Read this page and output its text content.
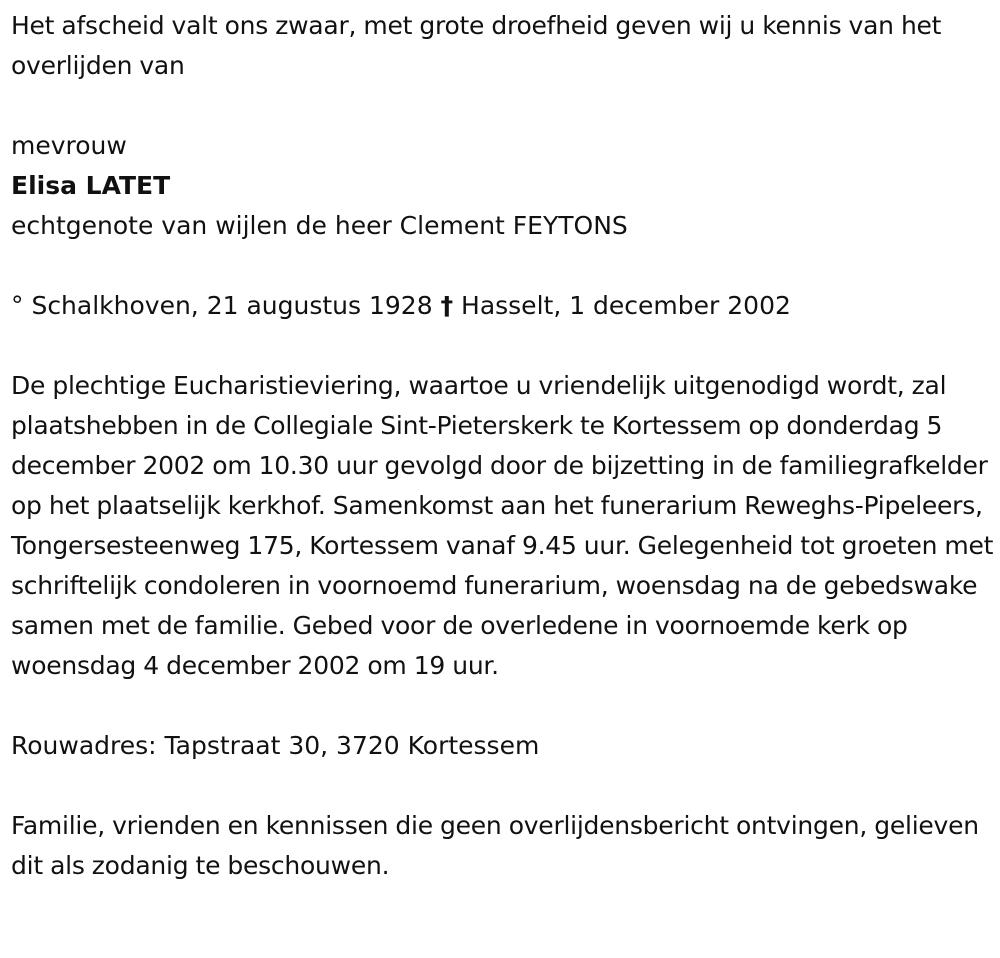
Het afscheid valt ons zwaar, met grote droefheid geven wij u kennis van het overlijden van

mevrouw

Elisa LATET

echtgenote van wijlen de heer Clement FEYTONS

° Schalkhoven, 21 augustus 1928 † Hasselt, 1 december 2002

De plechtige Eucharistieviering, waartoe u vriendelijk uitgenodigd wordt, zal plaatshebben in de Collegiale Sint-Pieterskerk te Kortessem op donderdag 5 december 2002 om 10.30 uur gevolgd door de bijzetting in de familiegrafkelder op het plaatselijk kerkhof. Samenkomst aan het funerarium Reweghs-Pipeleers, Tongersesteenweg 175, Kortessem vanaf 9.45 uur. Gelegenheid tot groeten met schriftelijk condoleren in voornoemd funerarium, woensdag na de gebedswake samen met de familie. Gebed voor de overledene in voornoemde kerk op woensdag 4 december 2002 om 19 uur.

Rouwadres: Tapstraat 30, 3720 Kortessem

Familie, vrienden en kennissen die geen overlijdensbericht ontvingen, gelieven dit als zodanig te beschouwen.
